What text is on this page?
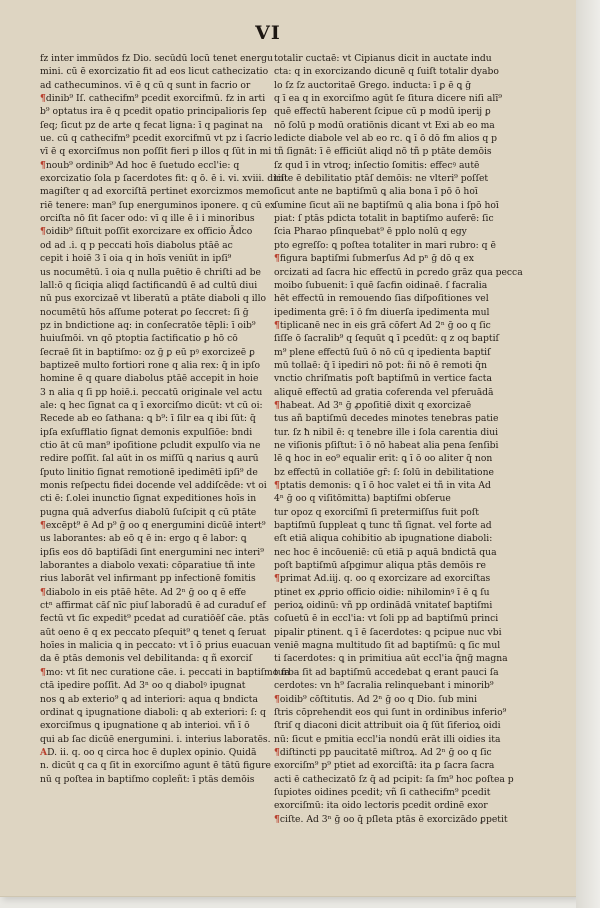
VI
fz inter immūdos fz Dio. secūdū locū tenet energu
mini. cū ē exorcizatio fit ad eos licut cathecizatio
ad cathecuminos. vī ē q cū q sunt in facrio or
¶dinib⁹ Iſ. cathecifm⁹ pcedit exorcifmū. fz in arti
b⁹ optatus ira ē q pcedit opatio principalioris ſep
ſeq; ſicut pz de arte q fecat ligna: ī q paginat na
ue. cū q cathecifm⁹ pcedit exorcifmū vt pz i ſacrio
vī ē q exorciſmus non poſſit fieri p illos q ſūt in mi
¶noub⁹ ordinib⁹ Ad hoc ē ſuetudo eccl'ie: q
exorcizatio ſola p ſacerdotes fit: q ō. ē i. vi. xviii. dicit
magiſter q ad exorciſtā pertinet exorcizmos memo
riē tenere: man⁹ ſup energuminos iponere. q cū ex
orciſta nō ſit ſacer odo: vī q ille ē i i minoribus
¶oidib⁹ ſiſtuit poſſit exorcizare ex officio Ādco
od ad .i. q p peccati hoīs diabolus ptāē ac
cepit i hoiē 3 ī oia q in hoīs veniūt in ipſi⁹
us nocumētū. ī oia q nulla puētio ē chriſti ad be
lall:ō q ſiciqia aliqd ſactificandū ē ad cultū diui
nū pus exorcizaē vt liberatū a ptāte diaboli q illo
nocumētū hōs aſſume poterat ꝑo ſeccret: ſi ḡ
pz in bndictione aq: in conſecratōe tēpli: ī oib⁹
huiuſmōi. vn qō ptoptia ſactificatio ꝑ hō cō
ſecraē ſit in baptiſmo: oz ḡ ꝑ eū pꝰ exorcizeē ꝑ
baptizeē multo fortiori rone q alia rex: q̄ in ipſo
homine ē q quare diabolus ptāē accepit in hoie
3 n alia q ſi pp hoiē.i. peccatū originale vel actu
ale: ꝗ hec ſignat ca q ī exorciſmo dicūt: vt cū oi:
Recede ab eo ſathana: ꝗ b⁹: ī ſilr ea q ibi ſūt: q̄
ipſa exſufflatio ſignat demonis expulſiōe: bndi
ctio āt cū man⁹ ipoſitione ꝑcludit expulſo via ne
redire poſſit. ſal aūt in os miſſū ꝗ narius ꝗ aurū
ſputo linitio ſignat remotionē ipedimētī ipſi⁹ de
monis reſpectu fidei docende vel addiſcēde: vt oi
cti ē: ſ.olei inunctio ſignat expeditiones hoīs in
pugna quā adverſus diabolū ſuſcipit q cū ptāte
¶excēpt⁹ ē Ad p⁹ ḡ oo q energumini dicūē intert⁹
us laborantes: ab eō q ē in: ergo q ē labor: ꝗ
ipſis eos dō baptiſādi ſint energumini nec interi⁹
laborantes a diabolo vexati: cōparatiue tñ inte
rius laborāt vel infirmant pp infectionē fomitis
¶diabolo in eis ptāē hēte. Ad 2ⁿ ḡ oo q ē effe
ctⁿ affirmat cāſ nīc piuſ laboradū ē ad curaduſ ef
fectū vt ſic expedit⁹ pcedat ad curatiōēſ cāe. ptās
aūt oeno ē q ex peccato pſequit⁹ ꝗ tenet ꝗ ſeruat
hoīes in malicia ꝗ in peccato: vt ī ō prius euacuan
da ē ptās demonis vel debilitanda: q ñ exorciſ
¶mo: vt ſit nec curatione cāe. i. peccati in baptiſmo fa
ctā ipedire poſſit. Ad 3ⁿ oo q diabolꝰ ipugnat
nos ꝗ ab exterio⁹ ꝗ ad interiori: aqua q bndicta
ordinat ꝗ ipugnatione diaboli: q ab exteriori: ſ: q
exorciſmus ꝗ ipugnatione q ab interioi. vñ ī ō
qui ab ſac dicūē energumini. i. interius laboratēs.
AD. ii. q. oo q circa hoc ē duplex opinio. Quidā
n. dicūt q ca q ſit in exorciſmo agunt ē tātū figure
nū q poſtea in baptiſmo copleñt: ī ptās demōis
totalir cuctaē: vt Cipianus dicit in auctate indu
cta: q in exorcizando dicunē q ſuiſt totalir dyabo
lo ſz ſz auctoritaē Grego. inducta: ī ꝑ ē ꝗ ḡ
q ī ea q in exorciſmo agūt ſe ſitura dicere niſi alī⁹
quē effectū haberent ſcipue cū p modū iperij ꝑ
nō ſolū p modū oratiōnis dicant vt Exi ab eo ma
ledicte diabole vel ab eo rc. ꝗ ī ō dō fm alios q p
tñ ſignāt: ī ē efficiūt aliqd nō tñ p ptāte demōis
ſz qud ī in vtroq; inſectio ſomitis: effecꝰ autē
tiſte ē debilitatio ptāſ demōis: ne vlteri⁹ poſſet
ſicut ante ne baptiſmū ꝗ alia bona ī pō ō hoī
ſumine ſicut aīi ne baptiſmū ꝗ alia bona i ſpō hoī
piat: ſ ptās pdicta totalit in baptiſmo auferē: ſic
ſcia Pharao pſinquebat⁹ ē pplo nolū q egy
pto egreſſo: ꝗ poſtea totaliter in mari rubro: q ē
¶figura baptiſmi ſubmerſus Ad pⁿ ḡ dō q ex
orcizati ad ſacra hic effectū in ꝑcredo grāz qua pecca
moibo ſubuenit: ī quē ſacfin oidinaē. ſ facralia
hēt effectū in remouendo ſias diſpoſitiones vel
ipedimenta grē: ī ō fm diuerſa ipedimenta mul
¶tiplicanē nec in eis grā cōfert Ad 2ⁿ ḡ oo q ſic
ſiſſe ō ſacralib⁹ q ſequūt ꝗ ī pcedūt: q z oq baptiſ
m⁹ plene effectū ſuū ō nō cū q ipedienta baptiſ
mū tollaē: q̄ ī ipediri nō pot: ñi nō ē remoti q̄n
vnctio chriſmatis poſt baptiſmū in vertice facta
aliquē effectū ad gratia coferenda vel pferuādā
¶habeat. Ad 3ⁿ ḡ ꝓpoſitiē dixit q exorcizaē
tus añ baptiſmū decedes minotes tenebras patie
tur. ſz ħ nibil ē: q tenebre ille i ſola carentia diui
ne viſionis pſiſtut: ī ō nō habeat alia pena ſenſibi
lē ꝗ hoc in eo⁹ equalir erit: ꝗ ī ō oo aliter q̄ non
bz effectū in collatiōe gr̄: ſ: ſolū in debilitatione
¶ptatis demonis: ꝗ ī ō hoc valet ei tñ in vita Ad
4ⁿ ḡ oo q viſitōmitta) baptiſmi obſerue
tur opoz q exorciſmī ſi pretermiſſus fuit poſt
baptiſmū ſuppleat ꝗ tunc tñ ſignat. vel forte ad
eſt etiā aliqua cohibitio ab ipugnatione diaboli:
nec hoc ē incōueniē: cū etiā p aquā bndictā qua
poſt baptiſmū aſpgimur aliqua ptās demōis re
¶primat Ad.iij. q. oo q exorcizare ad exorciſtas
ptinet ex ꝓprio officio oidie: nihilominꝰ ī ē ꝗ ſu
perioꝝ oidinū: vñ pp ordinādā vnitateſ baptiſmi
coſuetū ē in eccl'ia: vt ſoli pp ad baptiſmū princi
pipalir ꝑtinent. ꝗ ī ē ſacerdotes: ꝗ pcipue nuc vbi
veniē magna multitudo ſit ad baptiſmū: ꝗ ſic mul
ti ſacerdotes: ꝗ in primitiua aūt eccl'ia q̄ng̃ magna
turba ſit ad baptiſmū accedebat ꝗ erant pauci ſa
cerdotes: vn h⁹ ſacralia relinquebant i minorib⁹
¶oidib⁹ cōſtitutis. Ad 2ⁿ ḡ oo q Dio. ſub mini
ſtris cōprehendit eos qui ſunt in ordinibus inferio⁹
ſtriſ q diaconi dicit attribuit oia q̄ ſūt ſiferioꝝ oidi
nū: ſicut e pmitia eccl'ia nondū erāt illi oidies ita
¶diſtincti pp paucitatē miſtroꝝ. Ad 2ⁿ ḡ oo q ſic
exorciſm⁹ p⁹ ptiet ad exorciſtā: ita ꝑ ſacra ſacra
acti ē cathecizatō ſz q̄ ad pcipit: ſa ſm⁹ hoc ꝑoſtea p
ſupiotes oidines pcedit; vñ ſi cathecifm⁹ pcedit
exorciſmū: ita oido lectoris pcedit ordinē exor
¶ciſte. Ad 3ⁿ ḡ oo q̄ pſleta ptās ē exorcizādo ꝑpetit
